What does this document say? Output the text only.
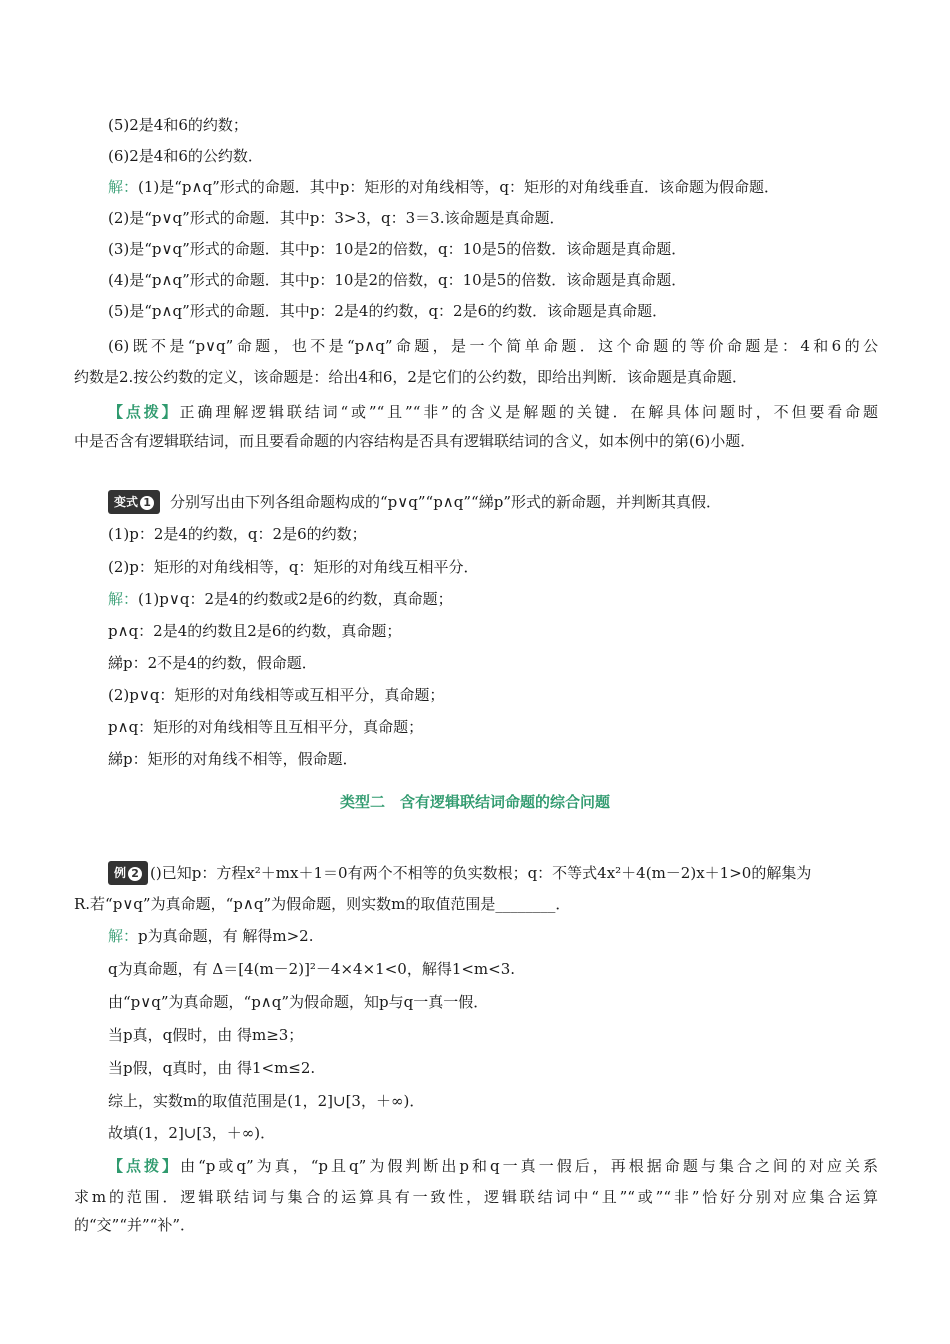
(5)2是4和6的约数；
(6)2是4和6的公约数．
解：(1)是“p∧q”形式的命题．其中p：矩形的对角线相等，q：矩形的对角线垂直．该命题为假命题．
(2)是“p∨q”形式的命题．其中p：3>3，q：3＝3.该命题是真命题．
(3)是“p∨q”形式的命题．其中p：10是2的倍数，q：10是5的倍数．该命题是真命题．
(4)是“p∧q”形式的命题．其中p：10是2的倍数，q：10是5的倍数．该命题是真命题．
(5)是“p∧q”形式的命题．其中p：2是4的约数，q：2是6的约数．该命题是真命题．
(6)既不是“p∨q”命题，也不是“p∧q”命题，是一个简单命题．这个命题的等价命题是：4和6的公
约数是2.按公约数的定义，该命题是：给出4和6，2是它们的公约数，即给出判断．该命题是真命题．
【点拨】正确理解逻辑联结词“或”“且”“非”的含义是解题的关键．在解具体问题时，不但要看命题
中是否含有逻辑联结词，而且要看命题的内容结构是否具有逻辑联结词的含义，如本例中的第(6)小题．
变式 1 分别写出由下列各组命题构成的“p∨q”“p∧q”“綈p”形式的新命题，并判断其真假．
(1)p：2是4的约数，q：2是6的约数；
(2)p：矩形的对角线相等，q：矩形的对角线互相平分．
解：(1)p∨q：2是4的约数或2是6的约数，真命题；
p∧q：2是4的约数且2是6的约数，真命题；
綈p：2不是4的约数，假命题．
(2)p∨q：矩形的对角线相等或互相平分，真命题；
p∧q：矩形的对角线相等且互相平分，真命题；
綈p：矩形的对角线不相等，假命题．
类型二　含有逻辑联结词命题的综合问题
例 2 ()已知p：方程x²＋mx＋1＝0有两个不相等的负实数根；q：不等式4x²＋4(m－2)x＋1>0的解集为
R.若“p∨q”为真命题，“p∧q”为假命题，则实数m的取值范围是________．
解：p为真命题，有 解得m>2.
q为真命题，有 Δ＝[4(m－2)]²－4×4×1<0，解得1<m<3.
由“p∨q”为真命题，“p∧q”为假命题，知p与q一真一假．
当p真，q假时，由 得m≥3；
当p假，q真时，由 得1<m≤2.
综上，实数m的取值范围是(1，2]∪[3，＋∞)．
故填(1，2]∪[3，＋∞)．
【点拨】由“p或q”为真，“p且q”为假判断出p和q一真一假后，再根据命题与集合之间的对应关系
求m的范围．逻辑联结词与集合的运算具有一致性，逻辑联结词中“且”“或”“非”恰好分别对应集合运算
的“交”“并”“补”．
